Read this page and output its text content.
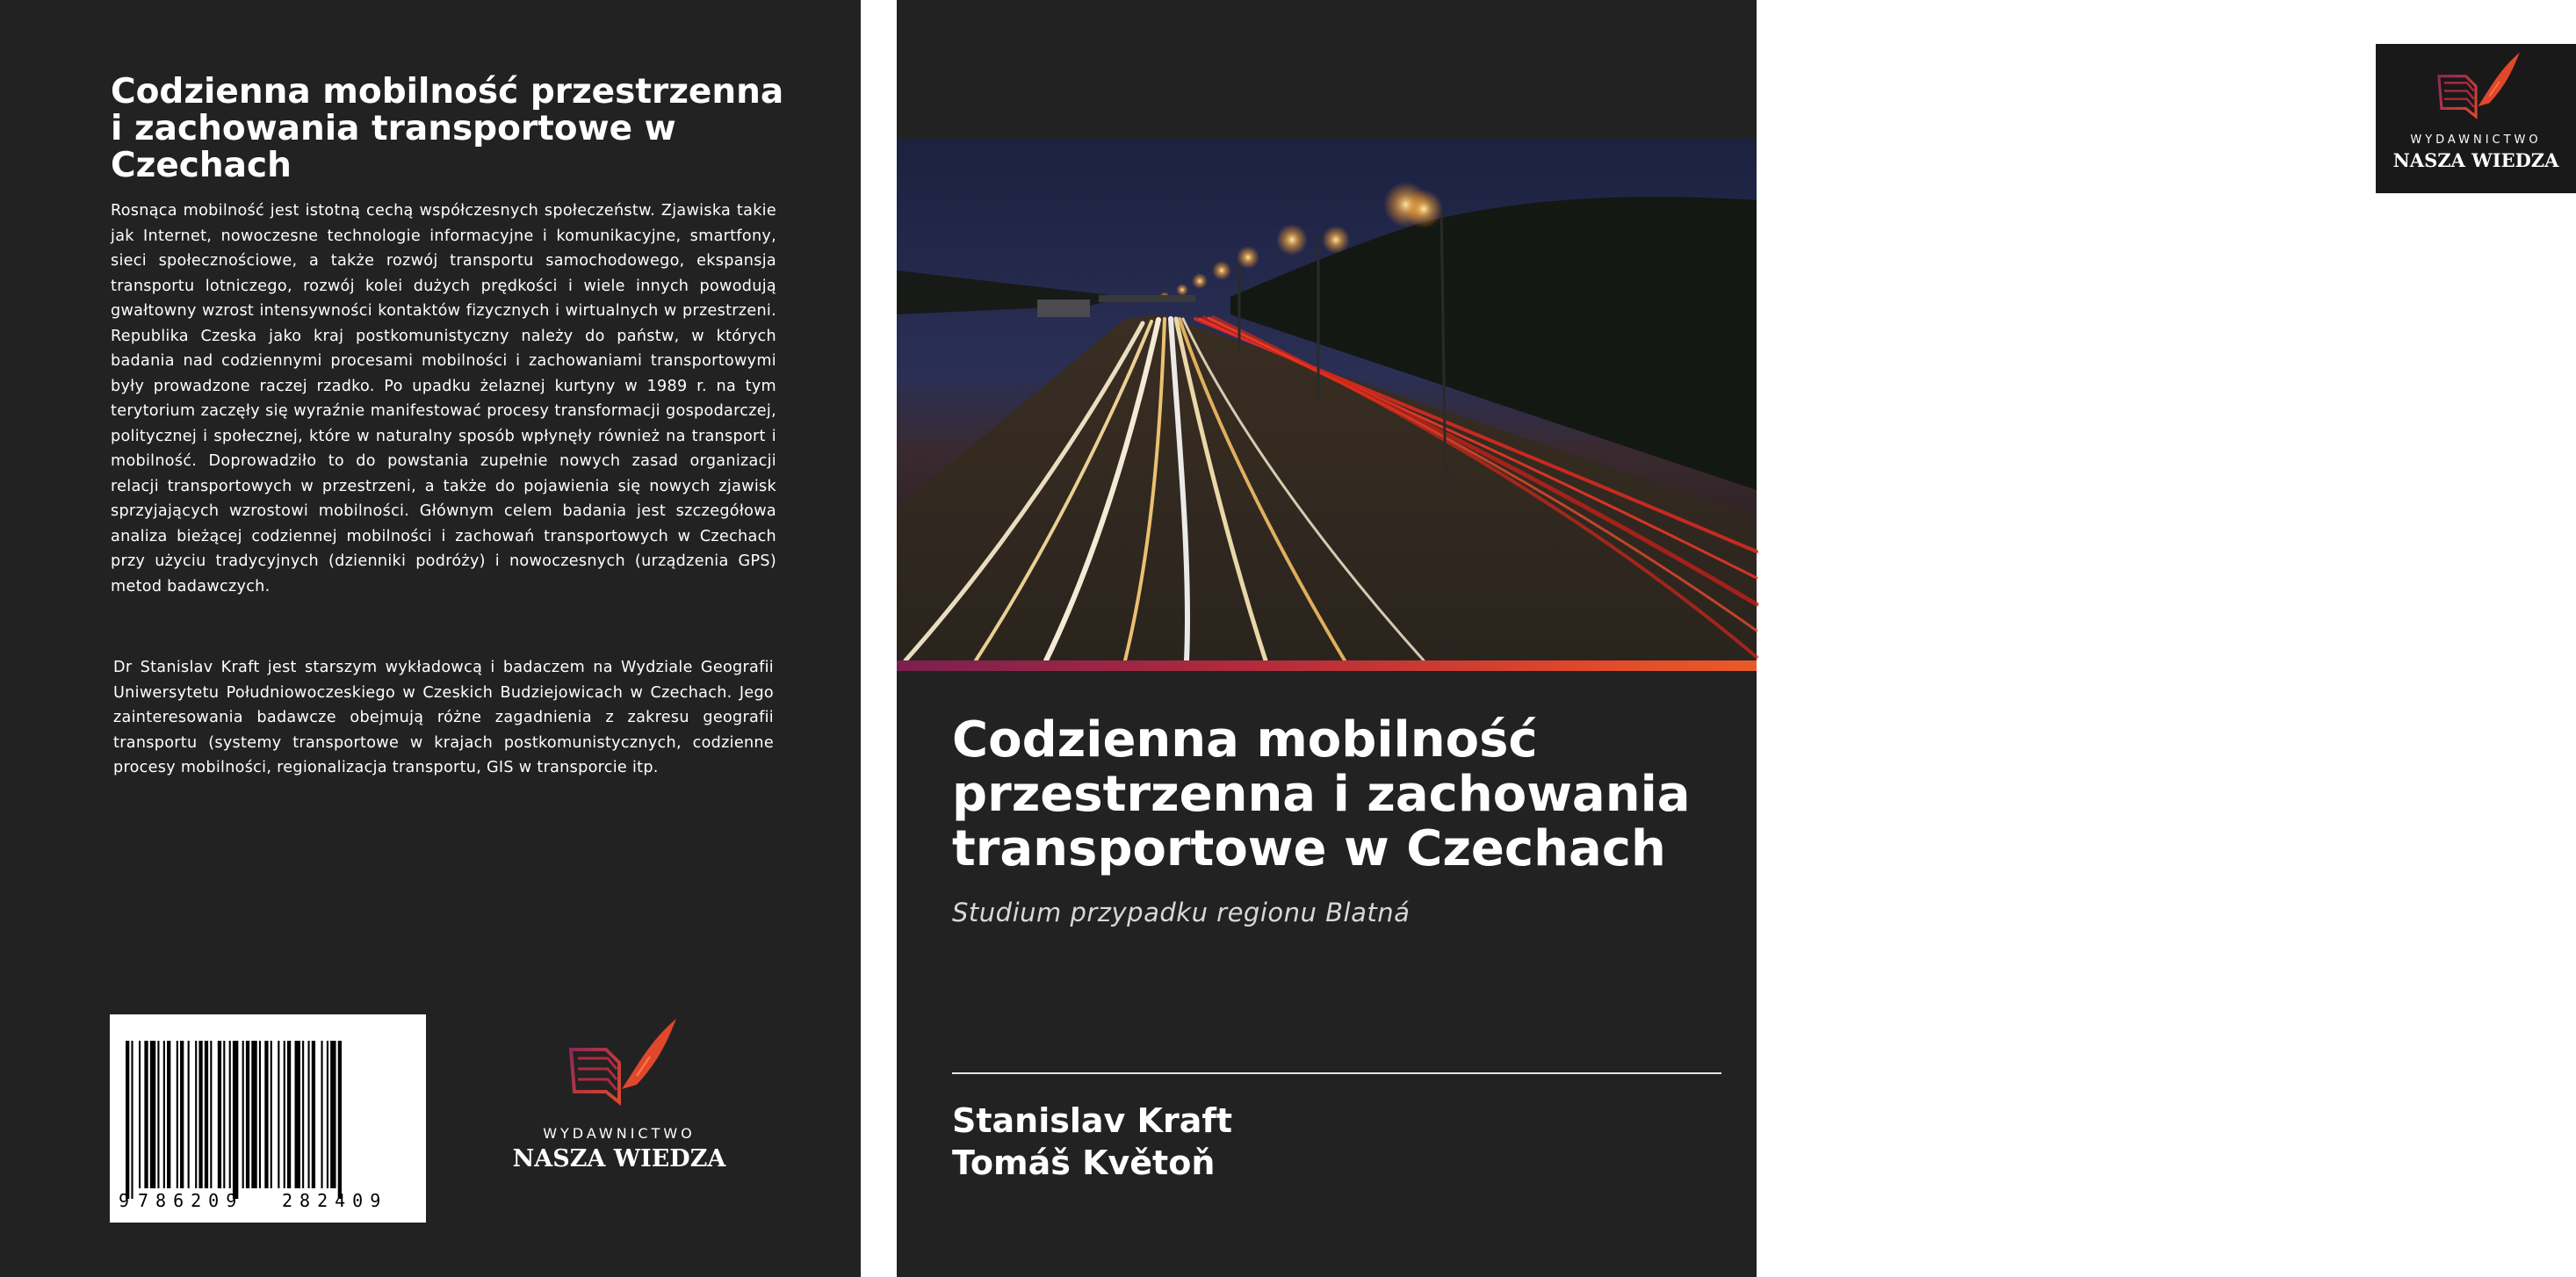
Codzienna mobilność przestrzenna i zachowania transportowe w Czechach

Rosnąca mobilność jest istotną cechą współczesnych społeczeństw. Zjawiska takie jak Internet, nowoczesne technologie informacyjne i komunikacyjne, smartfony, sieci społecznościowe, a także rozwój transportu samochodowego, ekspansja transportu lotniczego, rozwój kolei dużych prędkości i wiele innych powodują gwałtowny wzrost intensywności kontaktów fizycznych i wirtualnych w przestrzeni. Republika Czeska jako kraj postkomunistyczny należy do państw, w których badania nad codziennymi procesami mobilności i zachowaniami transportowymi były prowadzone raczej rzadko. Po upadku żelaznej kurtyny w 1989 r. na tym terytorium zaczęły się wyraźnie manifestować procesy transformacji gospodarczej, politycznej i społecznej, które w naturalny sposób wpłynęły również na transport i mobilność. Doprowadziło to do powstania zupełnie nowych zasad organizacji relacji transportowych w przestrzeni, a także do pojawienia się nowych zjawisk sprzyjających wzrostowi mobilności. Głównym celem badania jest szczegółowa analiza bieżącej codziennej mobilności i zachowań transportowych w Czechach przy użyciu tradycyjnych (dzienniki podróży) i nowoczesnych (urządzenia GPS) metod badawczych.

Dr Stanislav Kraft jest starszym wykładowcą i badaczem na Wydziale Geografii Uniwersytetu Południowoczeskiego w Czeskich Budziejowicach w Czechach. Jego zainteresowania badawcze obejmują różne zagadnienia z zakresu geografii transportu (systemy transportowe w krajach postkomunistycznych, codzienne procesy mobilności, regionalizacja transportu, GIS w transporcie itp.

9 786209 282409
WYDAWNICTWO
NASZA WIEDZA
WYDAWNICTWO
NASZA WIEDZA
Codzienna mobilność
przestrzenna i zachowania
transportowe w Czechach

Studium przypadku regionu Blatná

Stanislav Kraft

Tomáš Květoň
